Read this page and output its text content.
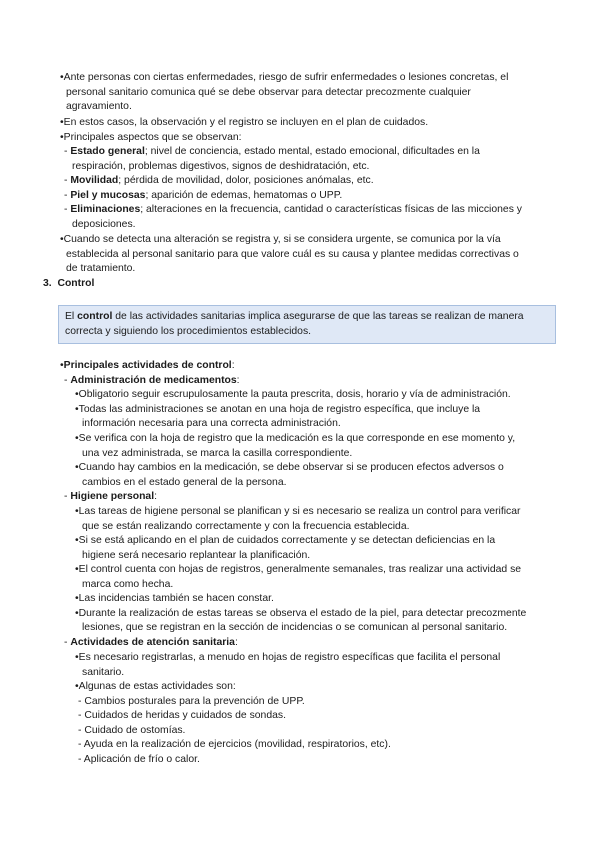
•Ante personas con ciertas enfermedades, riesgo de sufrir enfermedades o lesiones concretas, el
personal sanitario comunica qué se debe observar para detectar precozmente cualquier
agravamiento.
•En estos casos, la observación y el registro se incluyen en el plan de cuidados.
•Principales aspectos que se observan:
- Estado general; nivel de conciencia, estado mental, estado emocional, dificultades en la
respiración, problemas digestivos, signos de deshidratación, etc.
- Movilidad; pérdida de movilidad, dolor, posiciones anómalas, etc.
- Piel y mucosas; aparición de edemas, hematomas o UPP.
- Eliminaciones; alteraciones en la frecuencia, cantidad o características físicas de las micciones y
deposiciones.
•Cuando se detecta una alteración se registra y, si se considera urgente, se comunica por la vía
establecida al personal sanitario para que valore cuál es su causa y plantee medidas correctivas o
de tratamiento.
3. Control
El control de las actividades sanitarias implica asegurarse de que las tareas se realizan de manera
correcta y siguiendo los procedimientos establecidos.
•Principales actividades de control:
- Administración de medicamentos:
•Obligatorio seguir escrupulosamente la pauta prescrita, dosis, horario y vía de administración.
•Todas las administraciones se anotan en una hoja de registro específica, que incluye la
información necesaria para una correcta administración.
•Se verifica con la hoja de registro que la medicación es la que corresponde en ese momento y,
una vez administrada, se marca la casilla correspondiente.
•Cuando hay cambios en la medicación, se debe observar si se producen efectos adversos o
cambios en el estado general de la persona.
- Higiene personal:
•Las tareas de higiene personal se planifican y si es necesario se realiza un control para verificar
que se están realizando correctamente y con la frecuencia establecida.
•Si se está aplicando en el plan de cuidados correctamente y se detectan deficiencias en la
higiene será necesario replantear la planificación.
•El control cuenta con hojas de registros, generalmente semanales, tras realizar una actividad se
marca como hecha.
•Las incidencias también se hacen constar.
•Durante la realización de estas tareas se observa el estado de la piel, para detectar precozmente
lesiones, que se registran en la sección de incidencias o se comunican al personal sanitario.
- Actividades de atención sanitaria:
•Es necesario registrarlas, a menudo en hojas de registro específicas que facilita el personal
sanitario.
•Algunas de estas actividades son:
- Cambios posturales para la prevención de UPP.
- Cuidados de heridas y cuidados de sondas.
- Cuidado de ostomías.
- Ayuda en la realización de ejercicios (movilidad, respiratorios, etc).
- Aplicación de frío o calor.
